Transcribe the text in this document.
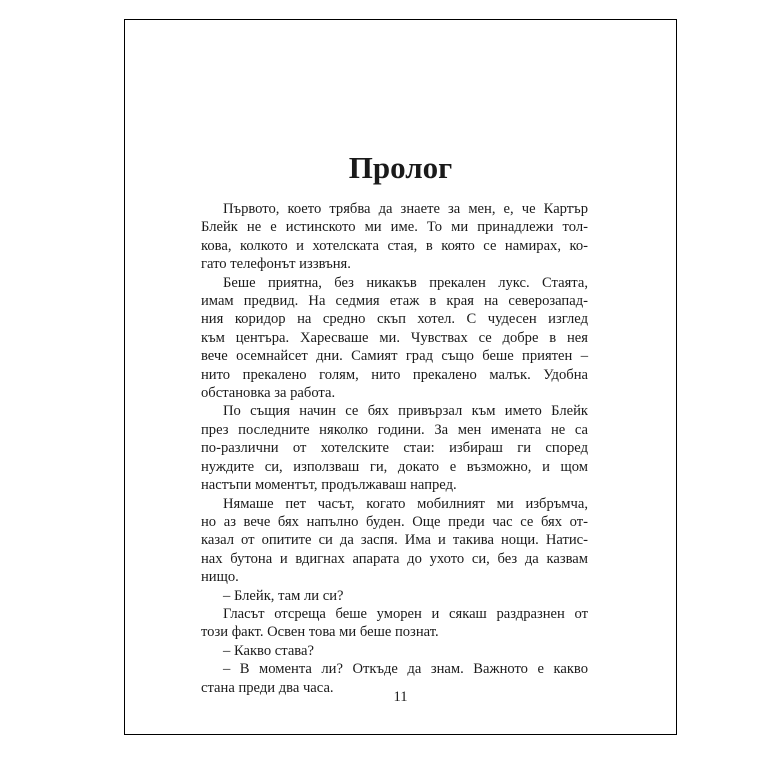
Пролог
Първото, което трябва да знаете за мен, е, че Картър
Блейк не е истинското ми име. То ми принадлежи тол-
кова, колкото и хотелската стая, в която се намирах, ко-
гато телефонът иззвъня.
Беше приятна, без никакъв прекален лукс. Стаята,
имам предвид. На седмия етаж в края на северозапад-
ния коридор на средно скъп хотел. С чудесен изглед
към центъра. Харесваше ми. Чувствах се добре в нея
вече осемнайсет дни. Самият град също беше приятен –
нито прекалено голям, нито прекалено малък. Удобна
обстановка за работа.
По същия начин се бях привързал към името Блейк
през последните няколко години. За мен имената не са
по-различни от хотелските стаи: избираш ги според
нуждите си, използваш ги, докато е възможно, и щом
настъпи моментът, продължаваш напред.
Нямаше пет часът, когато мобилният ми избръмча,
но аз вече бях напълно буден. Още преди час се бях от-
казал от опитите си да заспя. Има и такива нощи. Натис-
нах бутона и вдигнах апарата до ухото си, без да казвам
нищо.
– Блейк, там ли си?
Гласът отсреща беше уморен и сякаш раздразнен от
този факт. Освен това ми беше познат.
– Какво става?
– В момента ли? Откъде да знам. Важното е какво
стана преди два часа.
11
